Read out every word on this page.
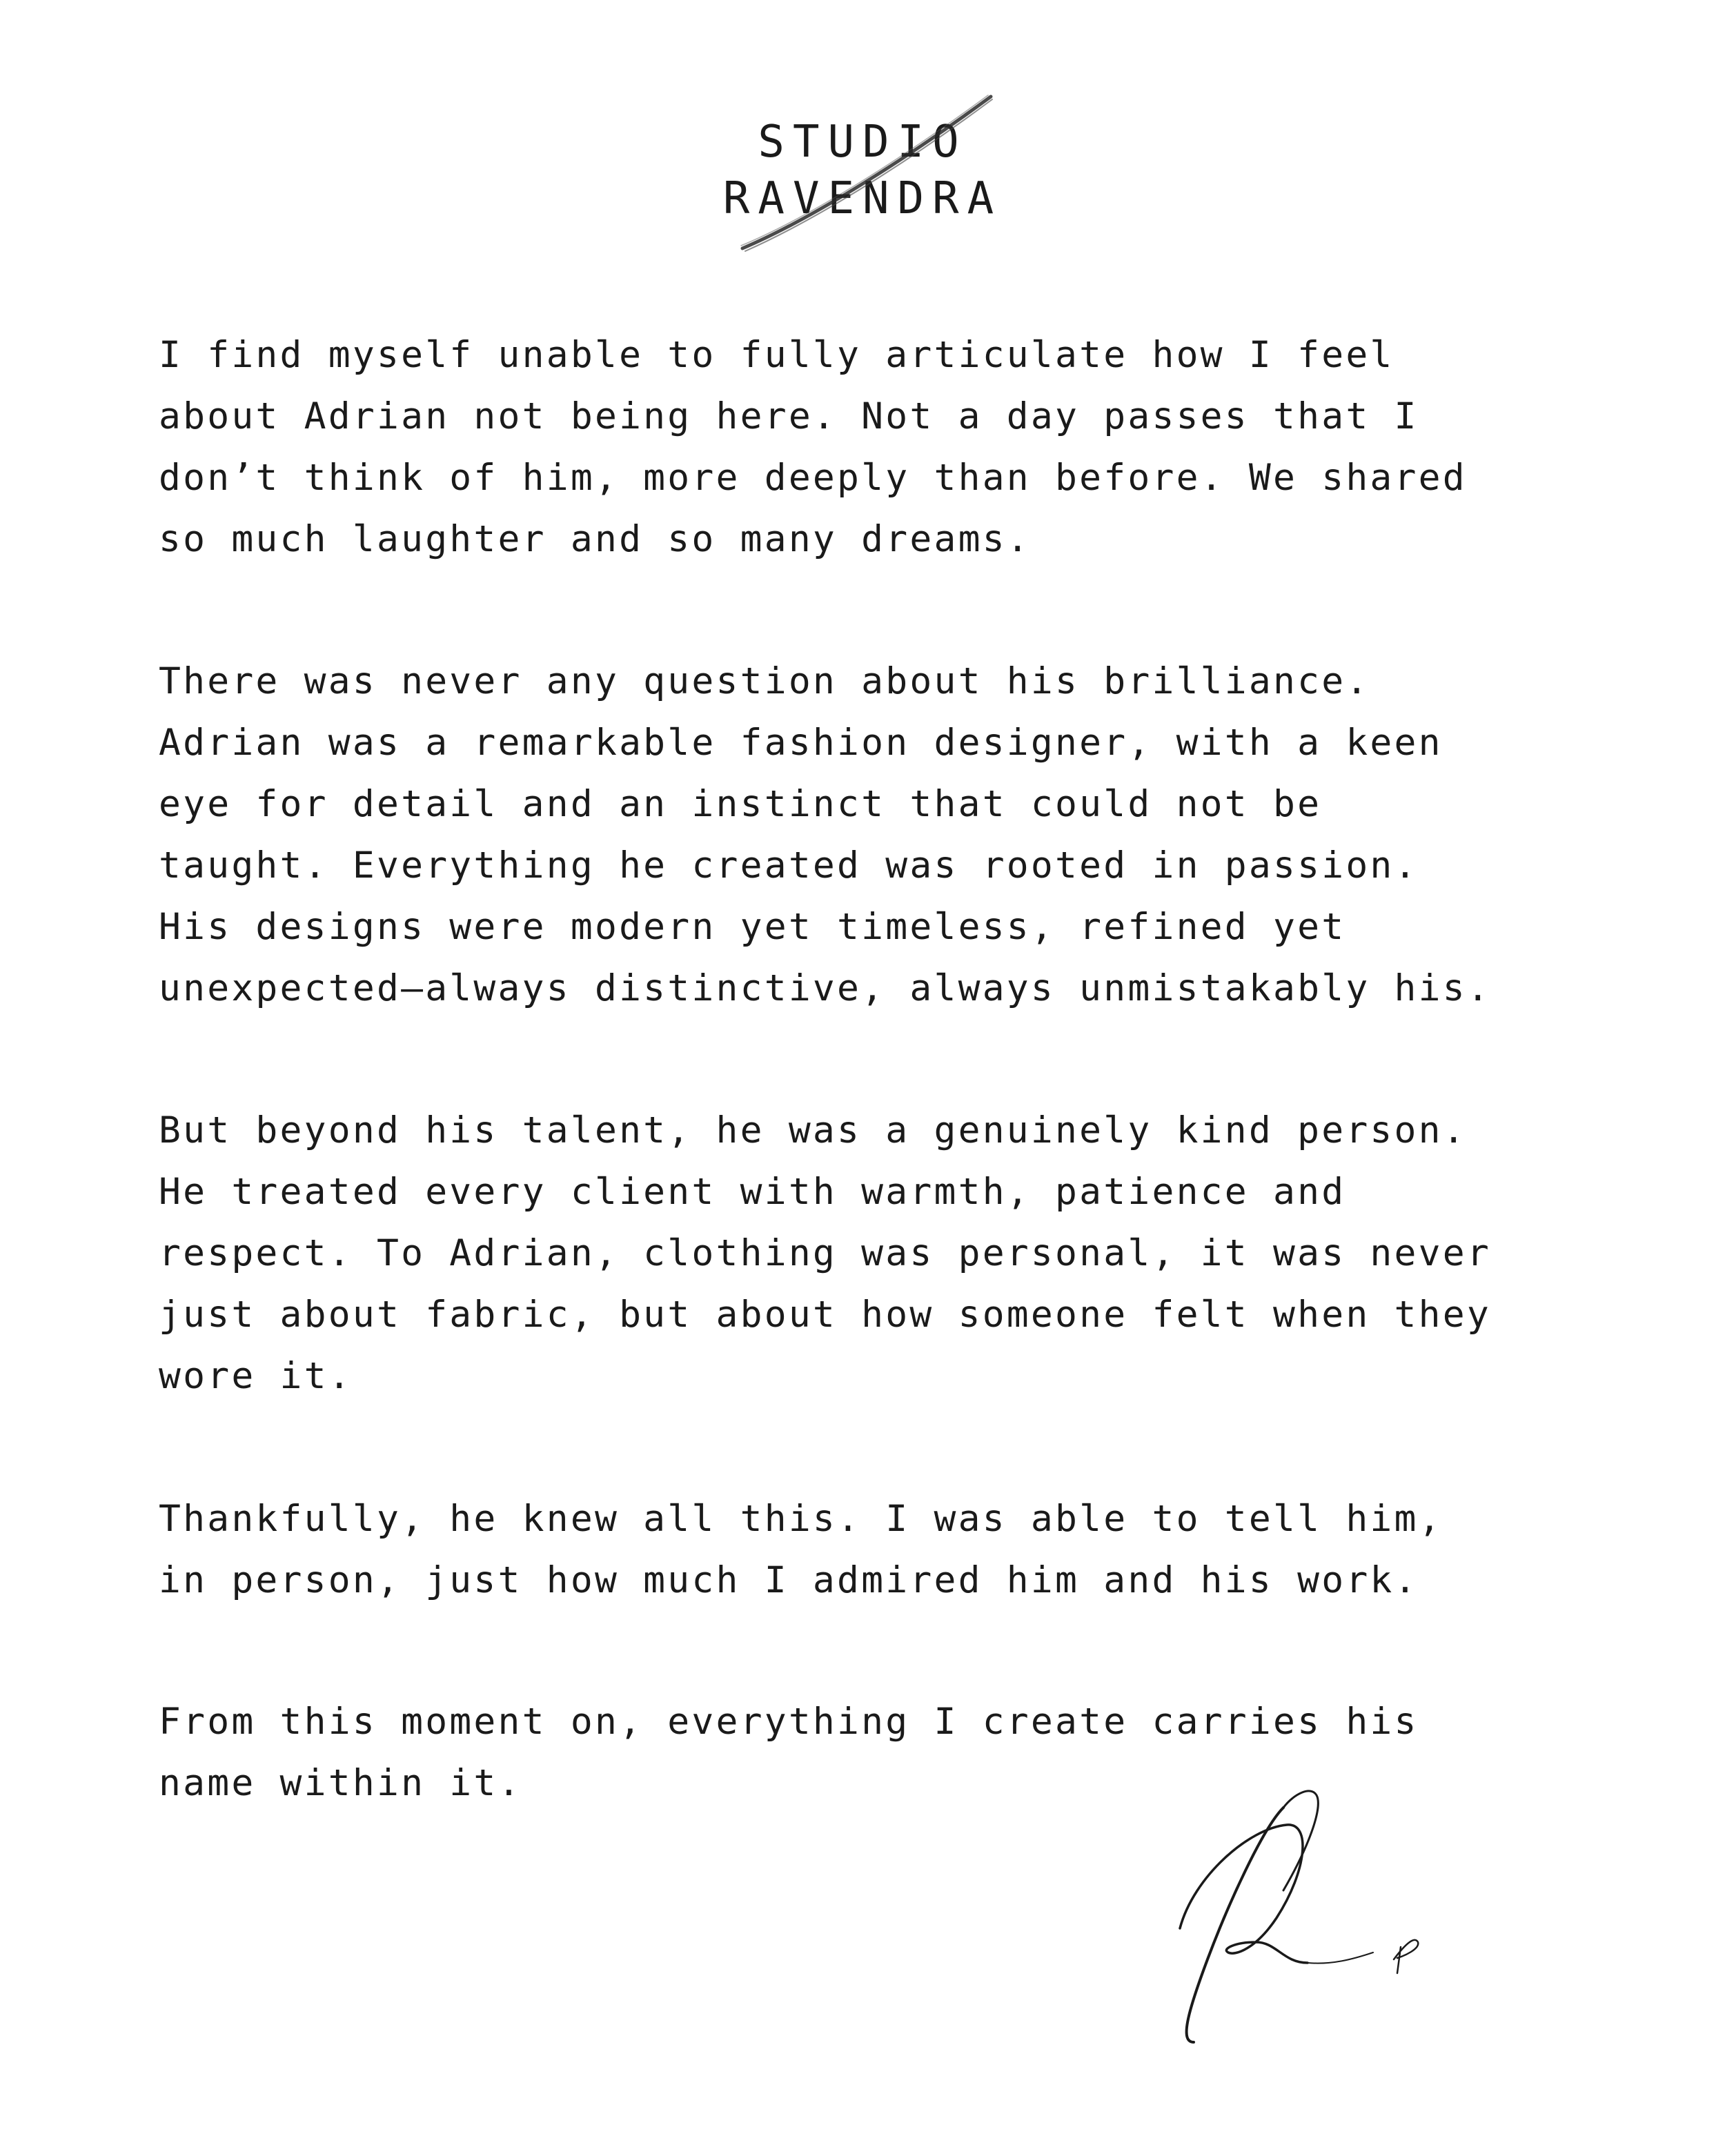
STUDIO
RAVENDRA

I find myself unable to fully articulate how I feel
about Adrian not being here. Not a day passes that I
don’t think of him, more deeply than before. We shared
so much laughter and so many dreams.

There was never any question about his brilliance.
Adrian was a remarkable fashion designer, with a keen
eye for detail and an instinct that could not be
taught. Everything he created was rooted in passion.
His designs were modern yet timeless, refined yet
unexpected—always distinctive, always unmistakably his.

But beyond his talent, he was a genuinely kind person.
He treated every client with warmth, patience and
respect. To Adrian, clothing was personal, it was never
just about fabric, but about how someone felt when they
wore it.

Thankfully, he knew all this. I was able to tell him,
in person, just how much I admired him and his work.

From this moment on, everything I create carries his
name within it.
